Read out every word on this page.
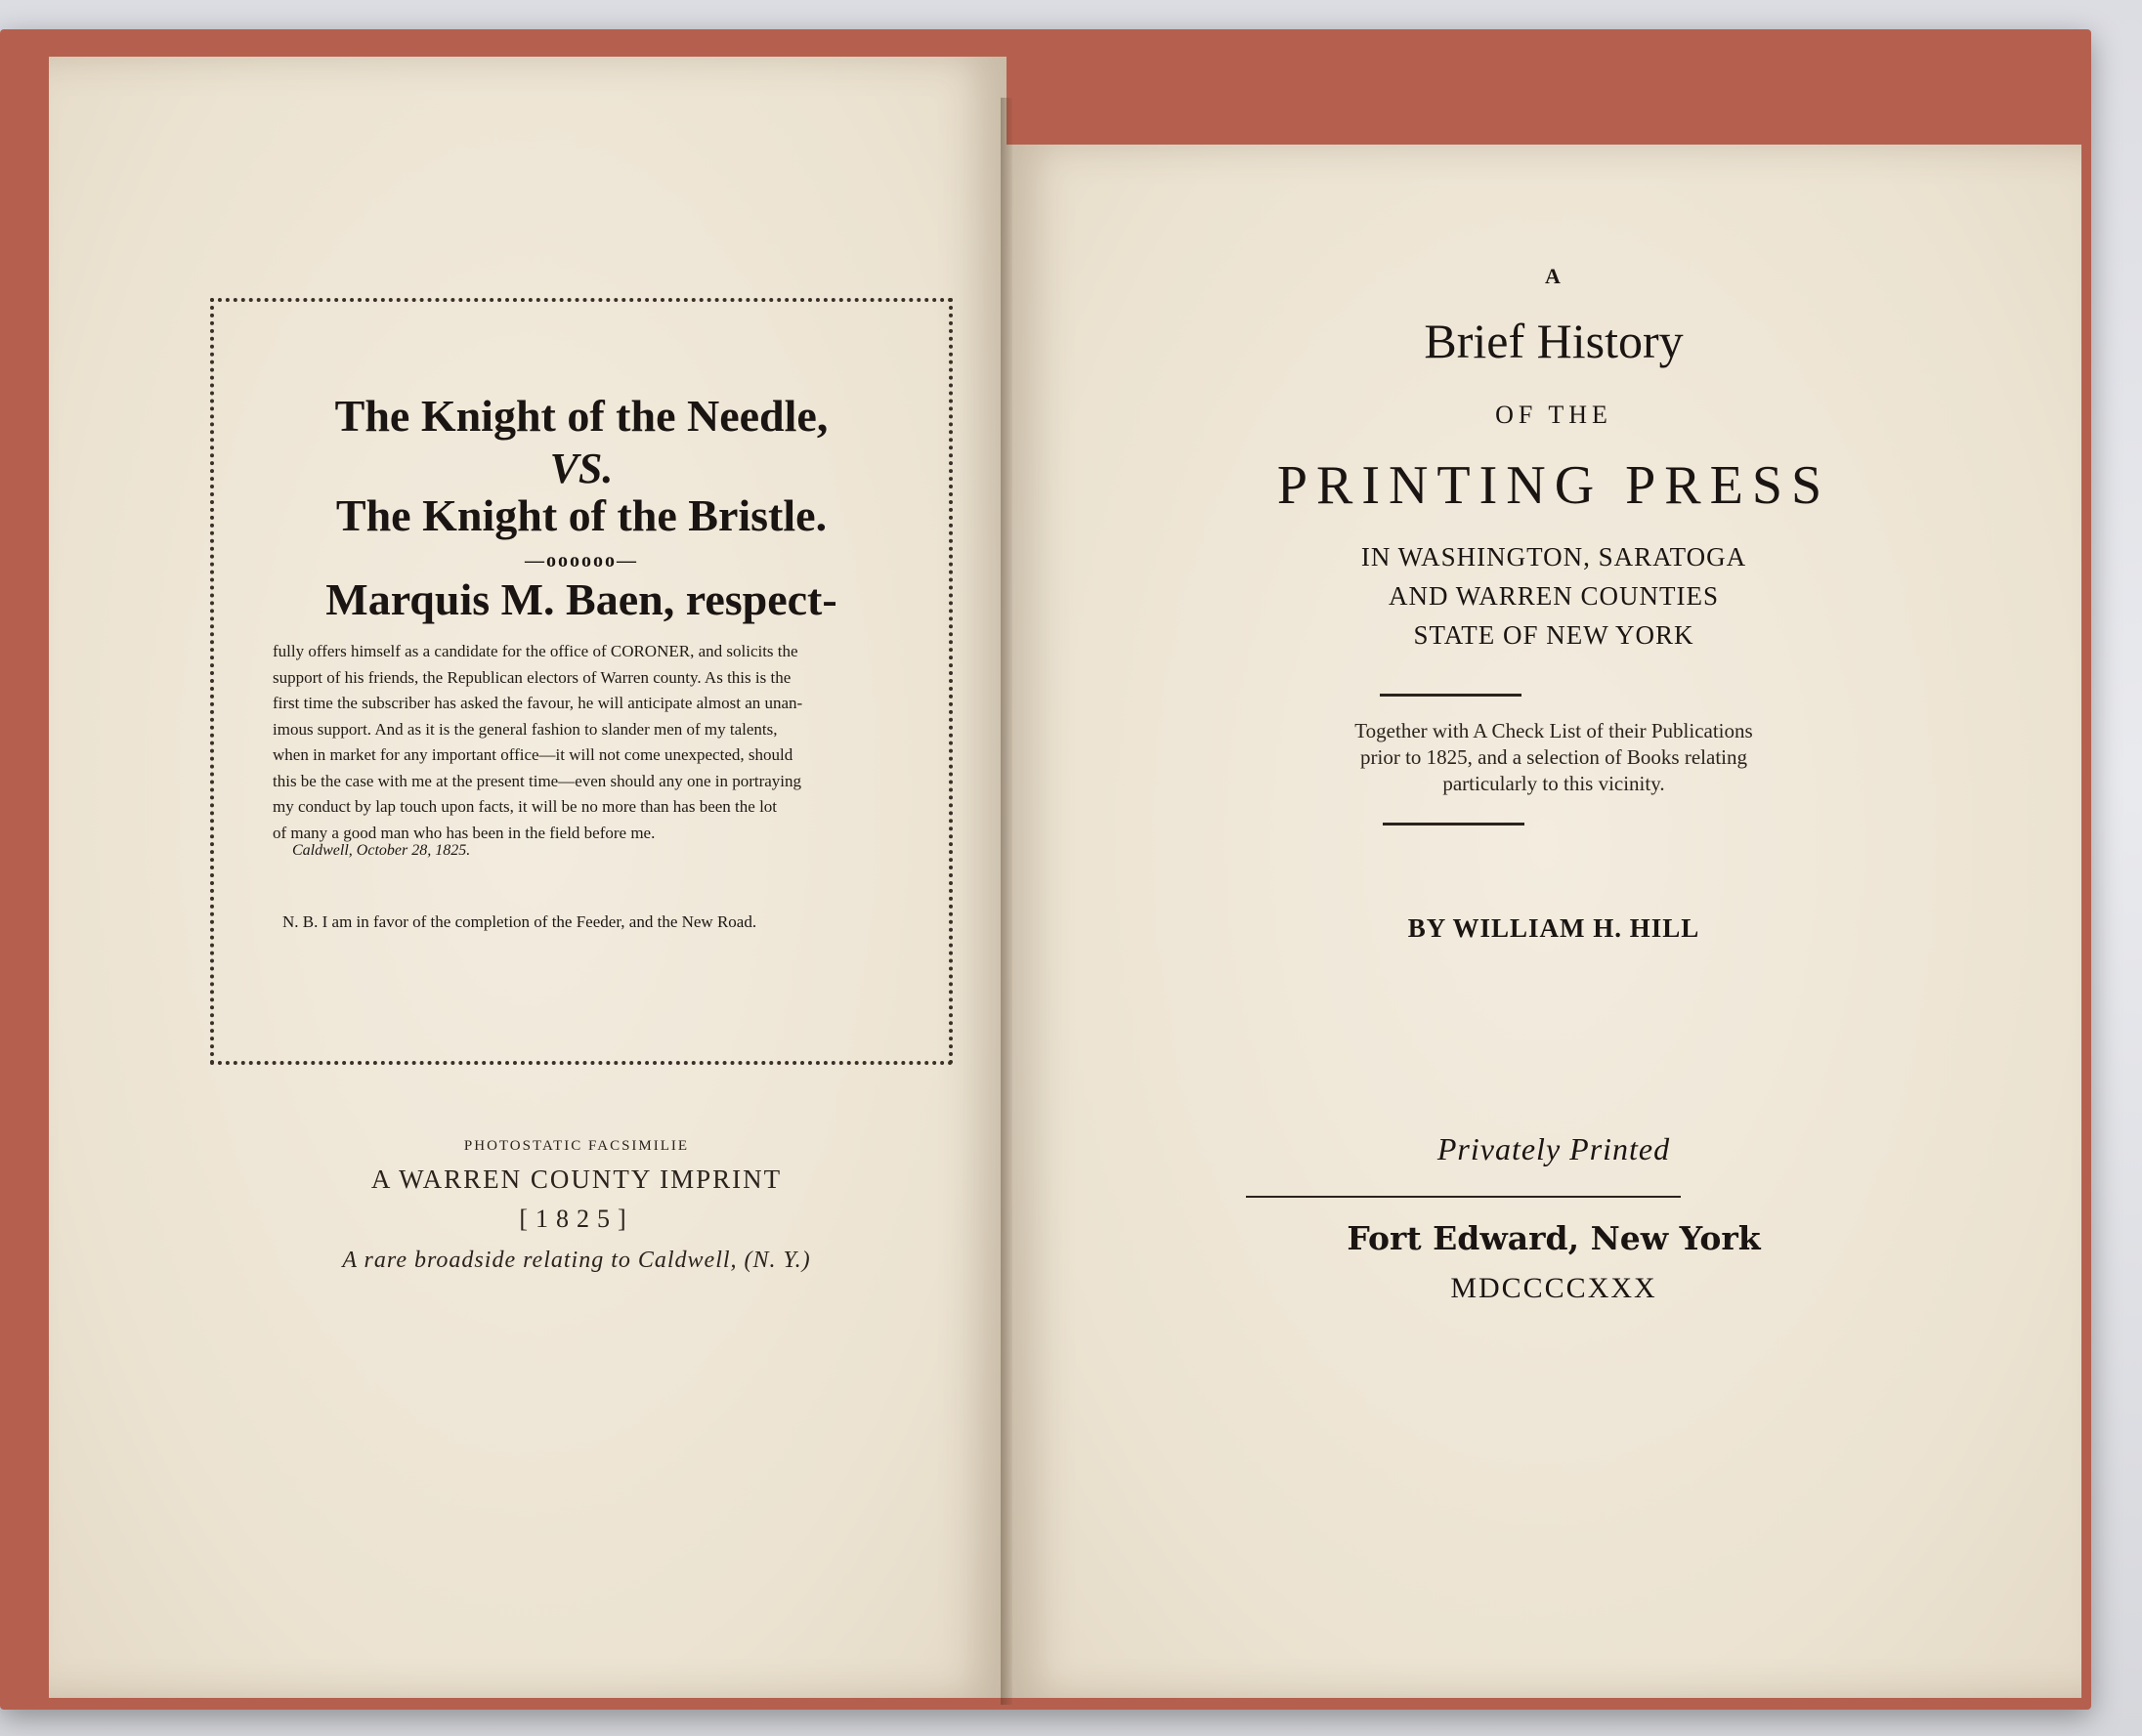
The Knight of the Needle,
VS.
The Knight of the Bristle.
—oooooo—
Marquis M. Baen, respect-
fully offers himself as a candidate for the office of CORONER, and solicits the
support of his friends, the Republican electors of Warren county. As this is the
first time the subscriber has asked the favour, he will anticipate almost an unan-
imous support. And as it is the general fashion to slander men of my talents,
when in market for any important office—it will not come unexpected, should
this be the case with me at the present time—even should any one in portraying
my conduct by lap touch upon facts, it will be no more than has been the lot
of many a good man who has been in the field before me.
Caldwell, October 28, 1825.
N. B. I am in favor of the completion of the Feeder, and the New Road.
PHOTOSTATIC FACSIMILIE
A WARREN COUNTY IMPRINT
[1825]
A rare broadside relating to Caldwell, (N. Y.)
A
Brief History
OF THE
PRINTING PRESS
IN WASHINGTON, SARATOGA
AND WARREN COUNTIES
STATE OF NEW YORK
Together with A Check List of their Publications
prior to 1825, and a selection of Books relating
particularly to this vicinity.
BY WILLIAM H. HILL
Privately Printed
Fort Edward, New York
MDCCCCXXX
